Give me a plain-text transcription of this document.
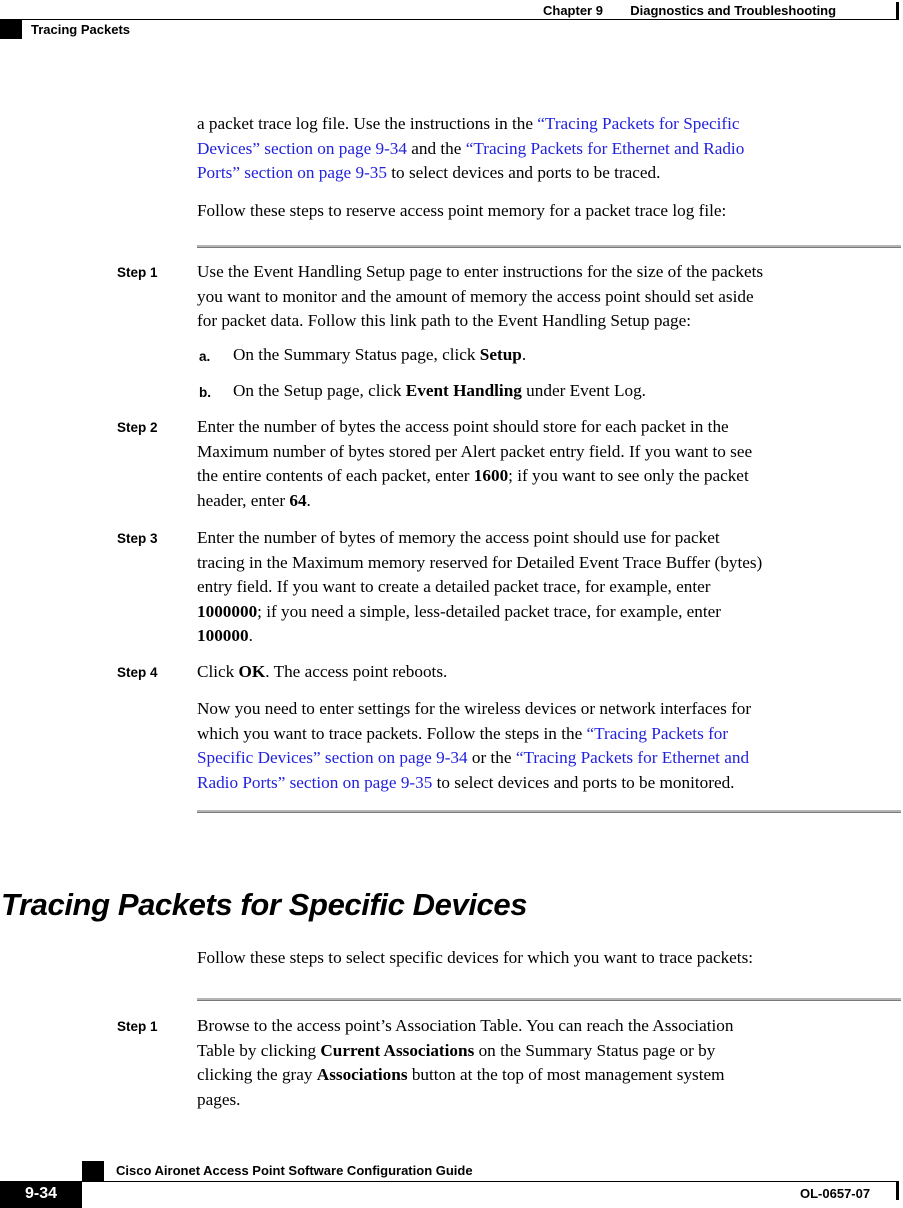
Chapter 9 Diagnostics and Troubleshooting
Tracing Packets
a packet trace log file. Use the instructions in the “Tracing Packets for Specific
Devices” section on page 9-34 and the “Tracing Packets for Ethernet and Radio
Ports” section on page 9-35 to select devices and ports to be traced.
Follow these steps to reserve access point memory for a packet trace log file:
Step 1 Use the Event Handling Setup page to enter instructions for the size of the packets
you want to monitor and the amount of memory the access point should set aside
for packet data. Follow this link path to the Event Handling Setup page:
a. On the Summary Status page, click Setup.
b. On the Setup page, click Event Handling under Event Log.
Step 2 Enter the number of bytes the access point should store for each packet in the
Maximum number of bytes stored per Alert packet entry field. If you want to see
the entire contents of each packet, enter 1600; if you want to see only the packet
header, enter 64.
Step 3 Enter the number of bytes of memory the access point should use for packet
tracing in the Maximum memory reserved for Detailed Event Trace Buffer (bytes)
entry field. If you want to create a detailed packet trace, for example, enter
1000000; if you need a simple, less-detailed packet trace, for example, enter
100000.
Step 4 Click OK. The access point reboots.
Now you need to enter settings for the wireless devices or network interfaces for
which you want to trace packets. Follow the steps in the “Tracing Packets for
Specific Devices” section on page 9-34 or the “Tracing Packets for Ethernet and
Radio Ports” section on page 9-35 to select devices and ports to be monitored.
Tracing Packets for Specific Devices
Follow these steps to select specific devices for which you want to trace packets:
Step 1 Browse to the access point’s Association Table. You can reach the Association
Table by clicking Current Associations on the Summary Status page or by
clicking the gray Associations button at the top of most management system
pages.
Cisco Aironet Access Point Software Configuration Guide
9-34	OL-0657-07
